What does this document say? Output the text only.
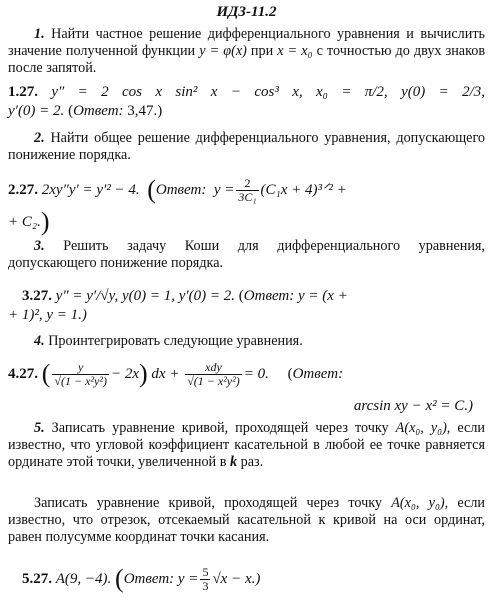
ИДЗ-11.2
1. Найти частное решение дифференциального уравнения и вычислить значение полученной функции y = φ(x) при x = x₀ с точностью до двух знаков после запятой.
1.27. y″ = 2 cos x sin² x − cos³ x, x₀ = π/2, y(0) = 2/3,
y′(0) = 2. (Ответ: 3,47.)
2. Найти общее решение дифференциального уравнения, допускающего понижение порядка.
2.27. 2xy″y′ = y′² − 4. (Ответ: $y = \frac{2}{\text{3C₁}} (C_1x$ + 4)³ᐟ² +
+ C₂.)
3. Решить задачу Коши для дифференциального уравнения, допускающего понижение порядка.
3.27. y″ = y′/√y, y(0) = 1, y′(0) = 2. (Ответ: y = (x +
+ 1)², y = 1.)
4. Проинтегрировать следующие уравнения.
4.27. ( $\frac{y}{\text{√(1 − x²y²)}} - 2x$) dx + $\frac{\text{xdy}}{\text{√(1 − x²y²)}} = 0$.     (Ответ:
arcsin xy − x² = C.)
5. Записать уравнение кривой, проходящей через точку A(x₀, y₀), если известно, что угловой коэффициент касательной в любой ее точке равняется ординате этой точки, увеличенной в k раз.
Записать уравнение кривой, проходящей через точку A(x₀, y₀), если известно, что отрезок, отсекаемый касательной к кривой на оси ординат, равен полусумме координат точки касания.
5.27. A(9, −4). (Ответ: $y = \frac{5}{3} √x - x$.)
